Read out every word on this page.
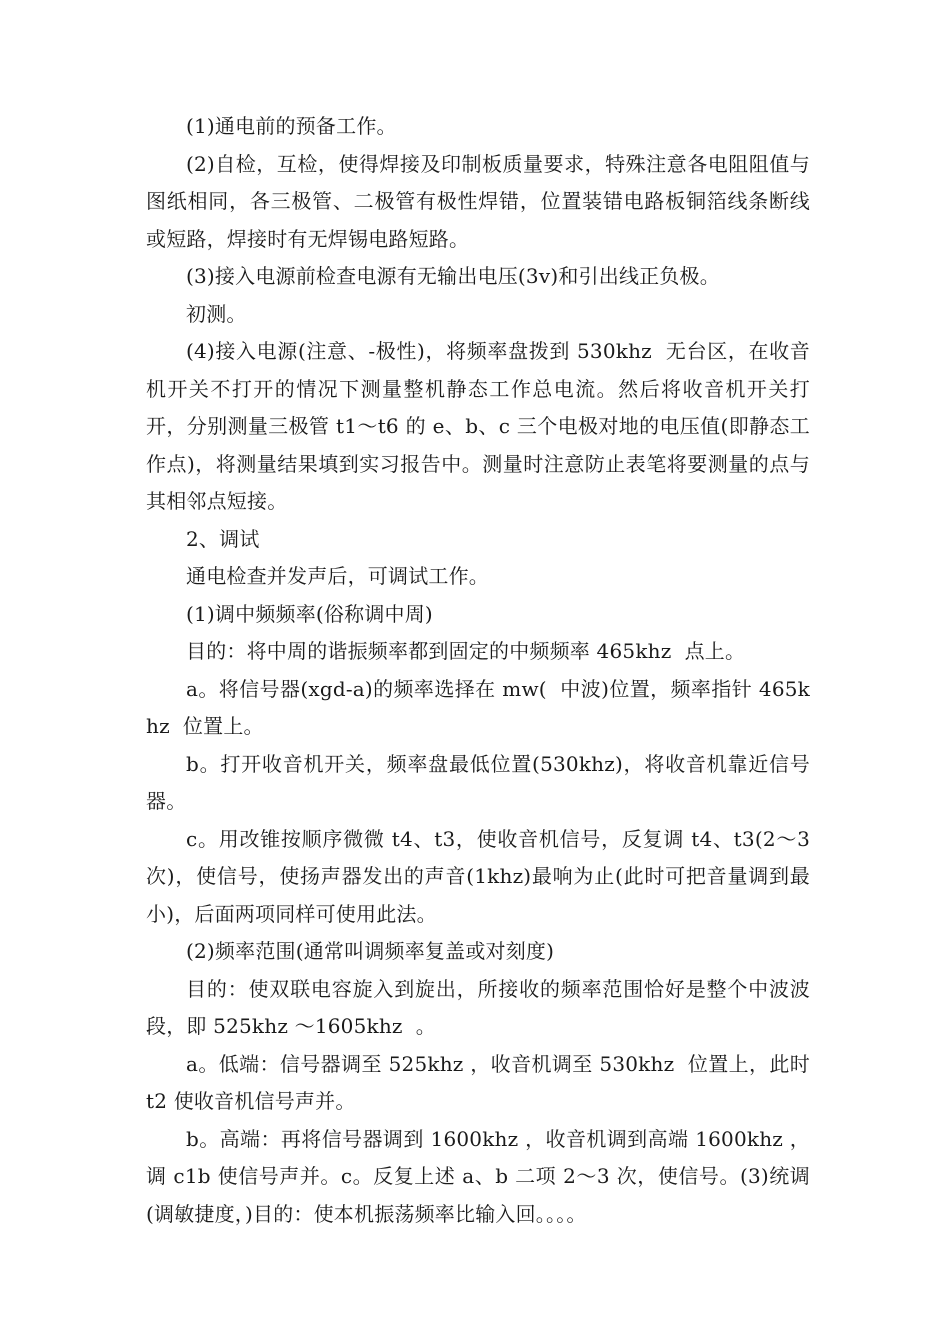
(1)通电前的预备工作。

(2)自检，互检，使得焊接及印制板质量要求，特殊注意各电阻阻值与图纸相同，各三极管、二极管有极性焊错，位置装错电路板铜箔线条断线或短路，焊接时有无焊锡电路短路。

(3)接入电源前检查电源有无输出电压(3v)和引出线正负极。

初测。

(4)接入电源(注意、-极性)，将频率盘拨到 530khz  无台区，在收音机开关不打开的情况下测量整机静态工作总电流。然后将收音机开关打开，分别测量三极管 t1～t6 的 e、b、c 三个电极对地的电压值(即静态工作点)，将测量结果填到实习报告中。测量时注意防止表笔将要测量的点与其相邻点短接。

2、调试

通电检查并发声后，可调试工作。

(1)调中频频率(俗称调中周)

目的：将中周的谐振频率都到固定的中频频率 465khz  点上。

a。将信号器(xgd-a)的频率选择在 mw(  中波)位置，频率指针 465khz  位置上。

b。打开收音机开关，频率盘最低位置(530khz)，将收音机靠近信号器。

c。用改锥按顺序微微 t4、t3，使收音机信号，反复调 t4、t3(2～3 次)，使信号，使扬声器发出的声音(1khz)最响为止(此时可把音量调到最小)，后面两项同样可使用此法。

(2)频率范围(通常叫调频率复盖或对刻度)

目的：使双联电容旋入到旋出，所接收的频率范围恰好是整个中波波段，即 525khz ～1605khz  。

a。低端：信号器调至 525khz ，收音机调至 530khz  位置上，此时 t2 使收音机信号声并。

b。高端：再将信号器调到 1600khz ，收音机调到高端 1600khz ，调 c1b 使信号声并。c。反复上述 a、b 二项 2～3 次，使信号。(3)统调(调敏捷度，)目的：使本机振荡频率比输入回。。。。
